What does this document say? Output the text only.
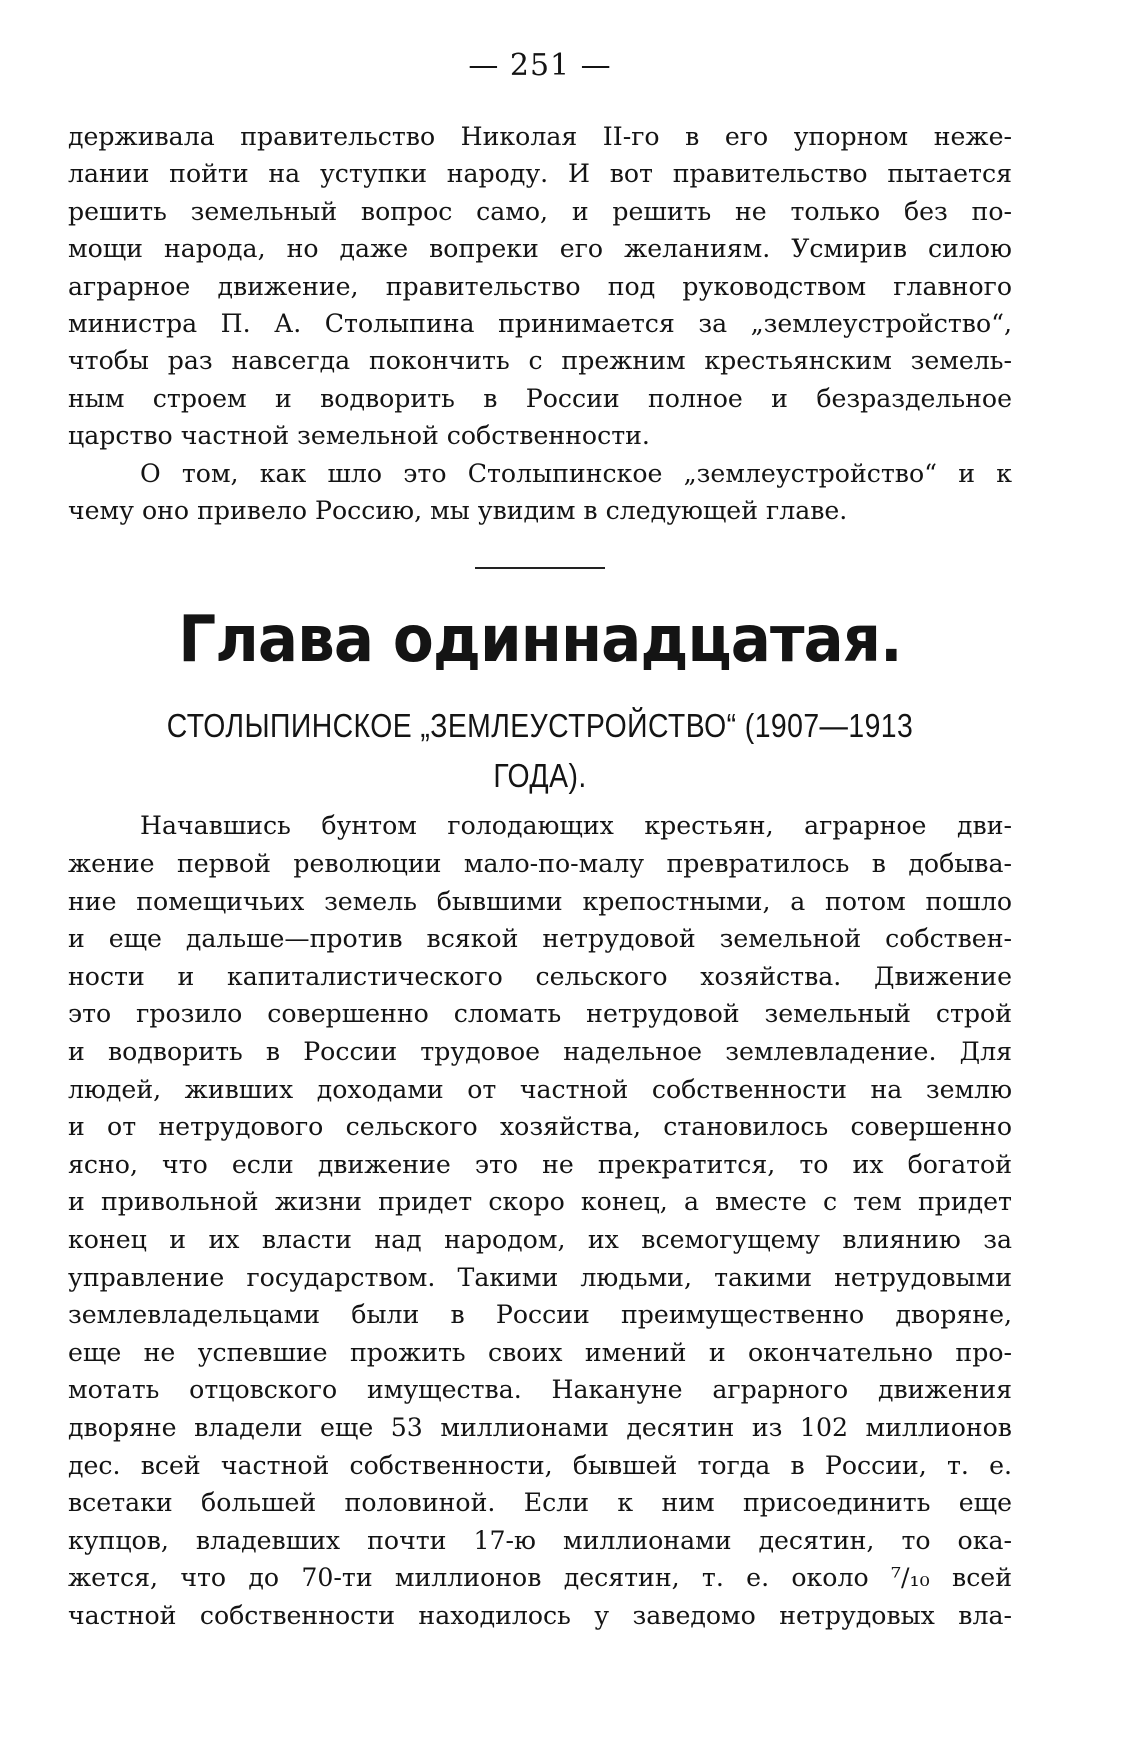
— 251 —

держивала правительство Николая II-го в его упорном неже-
лании пойти на уступки народу. И вот правительство пытается
решить земельный вопрос само, и решить не только без по-
мощи народа, но даже вопреки его желаниям. Усмирив силою
аграрное движение, правительство под руководством главного
министра П. А. Столыпина принимается за „землеустройство“,
чтобы раз навсегда покончить с прежним крестьянским земель-
ным строем и водворить в России полное и безраздельное
царство частной земельной собственности.

О том, как шло это Столыпинское „землеустройство“ и к
чему оно привело Россию, мы увидим в следующей главе.

Глава одиннадцатая.
СТОЛЫПИНСКОЕ „ЗЕМЛЕУСТРОЙСТВО“ (1907—1913 ГОДА).

Начавшись бунтом голодающих крестьян, аграрное дви-
жение первой революции мало-по-малу превратилось в добыва-
ние помещичьих земель бывшими крепостными, а потом пошло
и еще дальше—против всякой нетрудовой земельной собствен-
ности и капиталистического сельского хозяйства. Движение
это грозило совершенно сломать нетрудовой земельный строй
и водворить в России трудовое надельное землевладение. Для
людей, живших доходами от частной собственности на землю
и от нетрудового сельского хозяйства, становилось совершенно
ясно, что если движение это не прекратится, то их богатой
и привольной жизни придет скоро конец, а вместе с тем придет
конец и их власти над народом, их всемогущему влиянию за
управление государством. Такими людьми, такими нетрудовыми
землевладельцами были в России преимущественно дворяне,
еще не успевшие прожить своих имений и окончательно про-
мотать отцовского имущества. Накануне аграрного движения
дворяне владели еще 53 миллионами десятин из 102 миллионов
дес. всей частной собственности, бывшей тогда в России, т. е.
всетаки большей половиной. Если к ним присоединить еще
купцов, владевших почти 17-ю миллионами десятин, то ока-
жется, что до 70-ти миллионов десятин, т. е. около ⁷/₁₀ всей
частной собственности находилось у заведомо нетрудовых вла-
